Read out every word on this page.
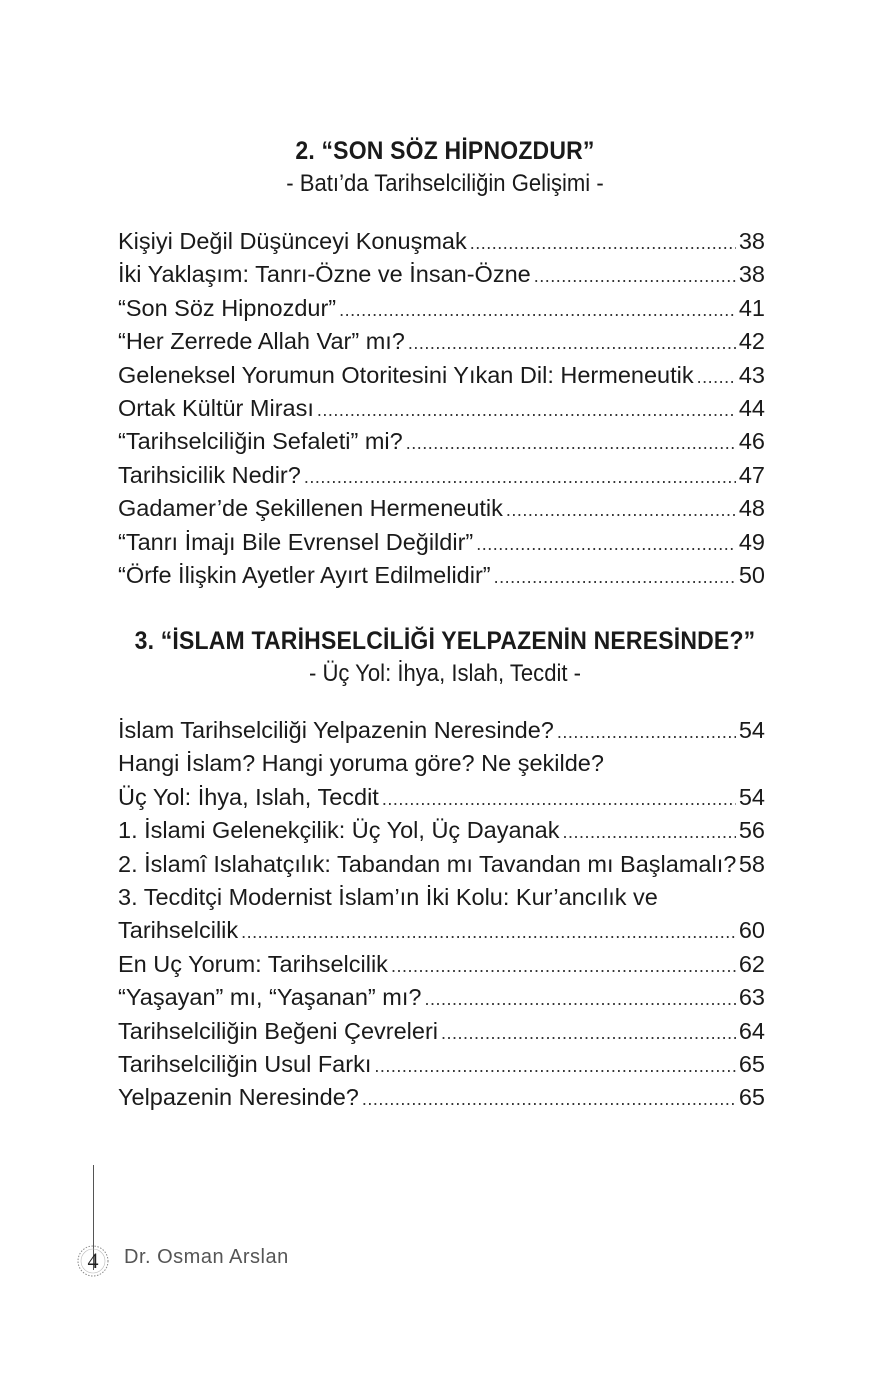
2. “SON SÖZ HİPNOZDUR”
- Batı’da Tarihselciliğin Gelişimi -
Kişiyi Değil Düşünceyi Konuşmak .....	38
İki Yaklaşım: Tanrı-Özne ve İnsan-Özne .....	38
“Son Söz Hipnozdur” .....	41
“Her Zerrede Allah Var” mı? .....	42
Geleneksel Yorumun Otoritesini Yıkan Dil: Hermeneutik ..... 43
Ortak Kültür Mirası .....	44
“Tarihselciliğin Sefaleti” mi? .....	46
Tarihsicilik Nedir? .....	47
Gadamer’de Şekillenen Hermeneutik .....	48
“Tanrı İmajı Bile Evrensel Değildir” .....	49
“Örfe İlişkin Ayetler Ayırt Edilmelidir” .....	50
3. “İSLAM TARİHSELCİLİĞİ YELPAZENİN NERESİNDE?”
- Üç Yol: İhya, Islah, Tecdit -
İslam Tarihselciliği Yelpazenin Neresinde? .....	54
Hangi İslam? Hangi yoruma göre? Ne şekilde?
Üç Yol: İhya, Islah, Tecdit .....	54
1. İslami Gelenekçilik: Üç Yol, Üç Dayanak .....	56
2. İslamî Islahatçılık: Tabandan mı Tavandan mı Başlamalı? 58
3. Tecditçi Modernist İslam’ın İki Kolu: Kur’ancılık ve
Tarihselcilik .....	60
En Uç Yorum: Tarihselcilik .....	62
“Yaşayan” mı, “Yaşanan” mı? .....	63
Tarihselciliğin Beğeni Çevreleri .....	64
Tarihselciliğin Usul Farkı .....	65
Yelpazenin Neresinde? .....	65
4	Dr. Osman Arslan
